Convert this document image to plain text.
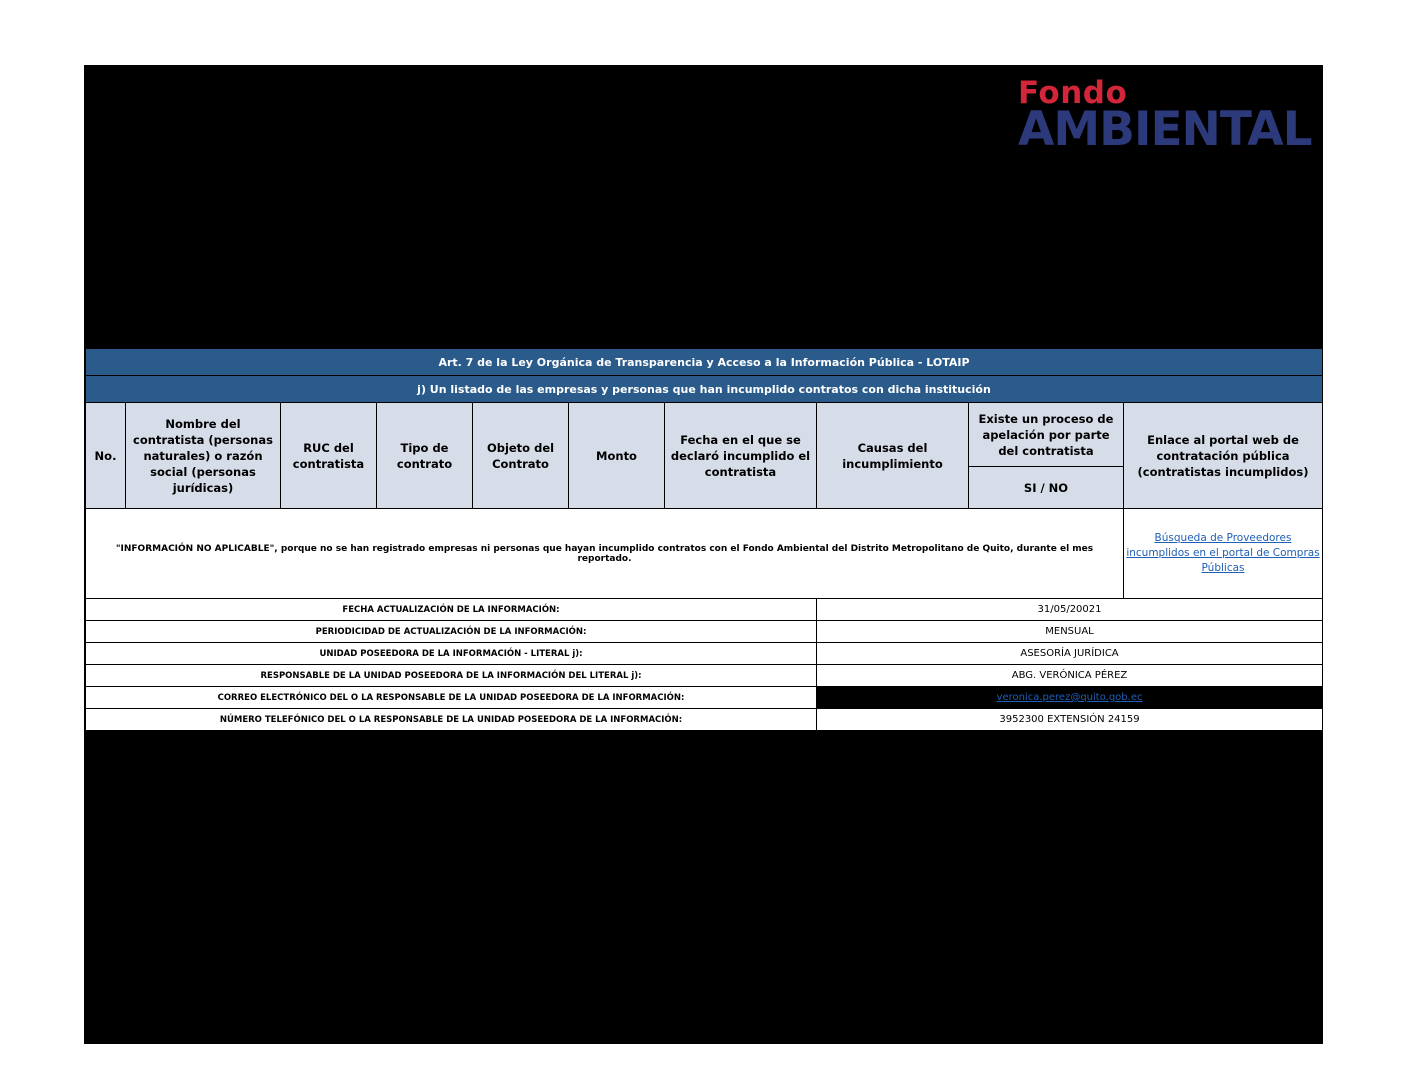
Fondo
AMBIENTAL
Art. 7 de la Ley Orgánica de Transparencia y Acceso a la Información Pública - LOTAIP									
j) Un listado de las empresas y personas que han incumplido contratos con dicha institución									
No.	Nombre del contratista (personas naturales) o razón social (personas jurídicas)	RUC del contratista	Tipo de contrato	Objeto del Contrato	Monto	Fecha en el que se declaró incumplido el contratista	Causas del incumplimiento	Existe un proceso de apelación por parte del contratista	Enlace al portal web de contratación pública (contratistas incumplidos)
								SI / NO	
"INFORMACIÓN NO APLICABLE", porque no se han registrado empresas ni personas que hayan incumplido contratos con el Fondo Ambiental del Distrito Metropolitano de Quito, durante el mes reportado.									Búsqueda de Proveedores incumplidos en el portal de Compras Públicas
FECHA ACTUALIZACIÓN DE LA INFORMACIÓN:							31/05/20021		
PERIODICIDAD DE ACTUALIZACIÓN DE LA INFORMACIÓN:							MENSUAL		
UNIDAD POSEEDORA DE LA INFORMACIÓN - LITERAL j):							ASESORÍA JURÍDICA		
RESPONSABLE DE LA UNIDAD POSEEDORA DE LA INFORMACIÓN DEL LITERAL j):							ABG. VERÓNICA PÉREZ		
CORREO ELECTRÓNICO DEL O LA RESPONSABLE DE LA UNIDAD POSEEDORA DE LA INFORMACIÓN:							veronica.perez@quito.gob.ec		
NÚMERO TELEFÓNICO DEL O LA RESPONSABLE DE LA UNIDAD POSEEDORA DE LA INFORMACIÓN:							3952300 EXTENSIÓN 24159		
